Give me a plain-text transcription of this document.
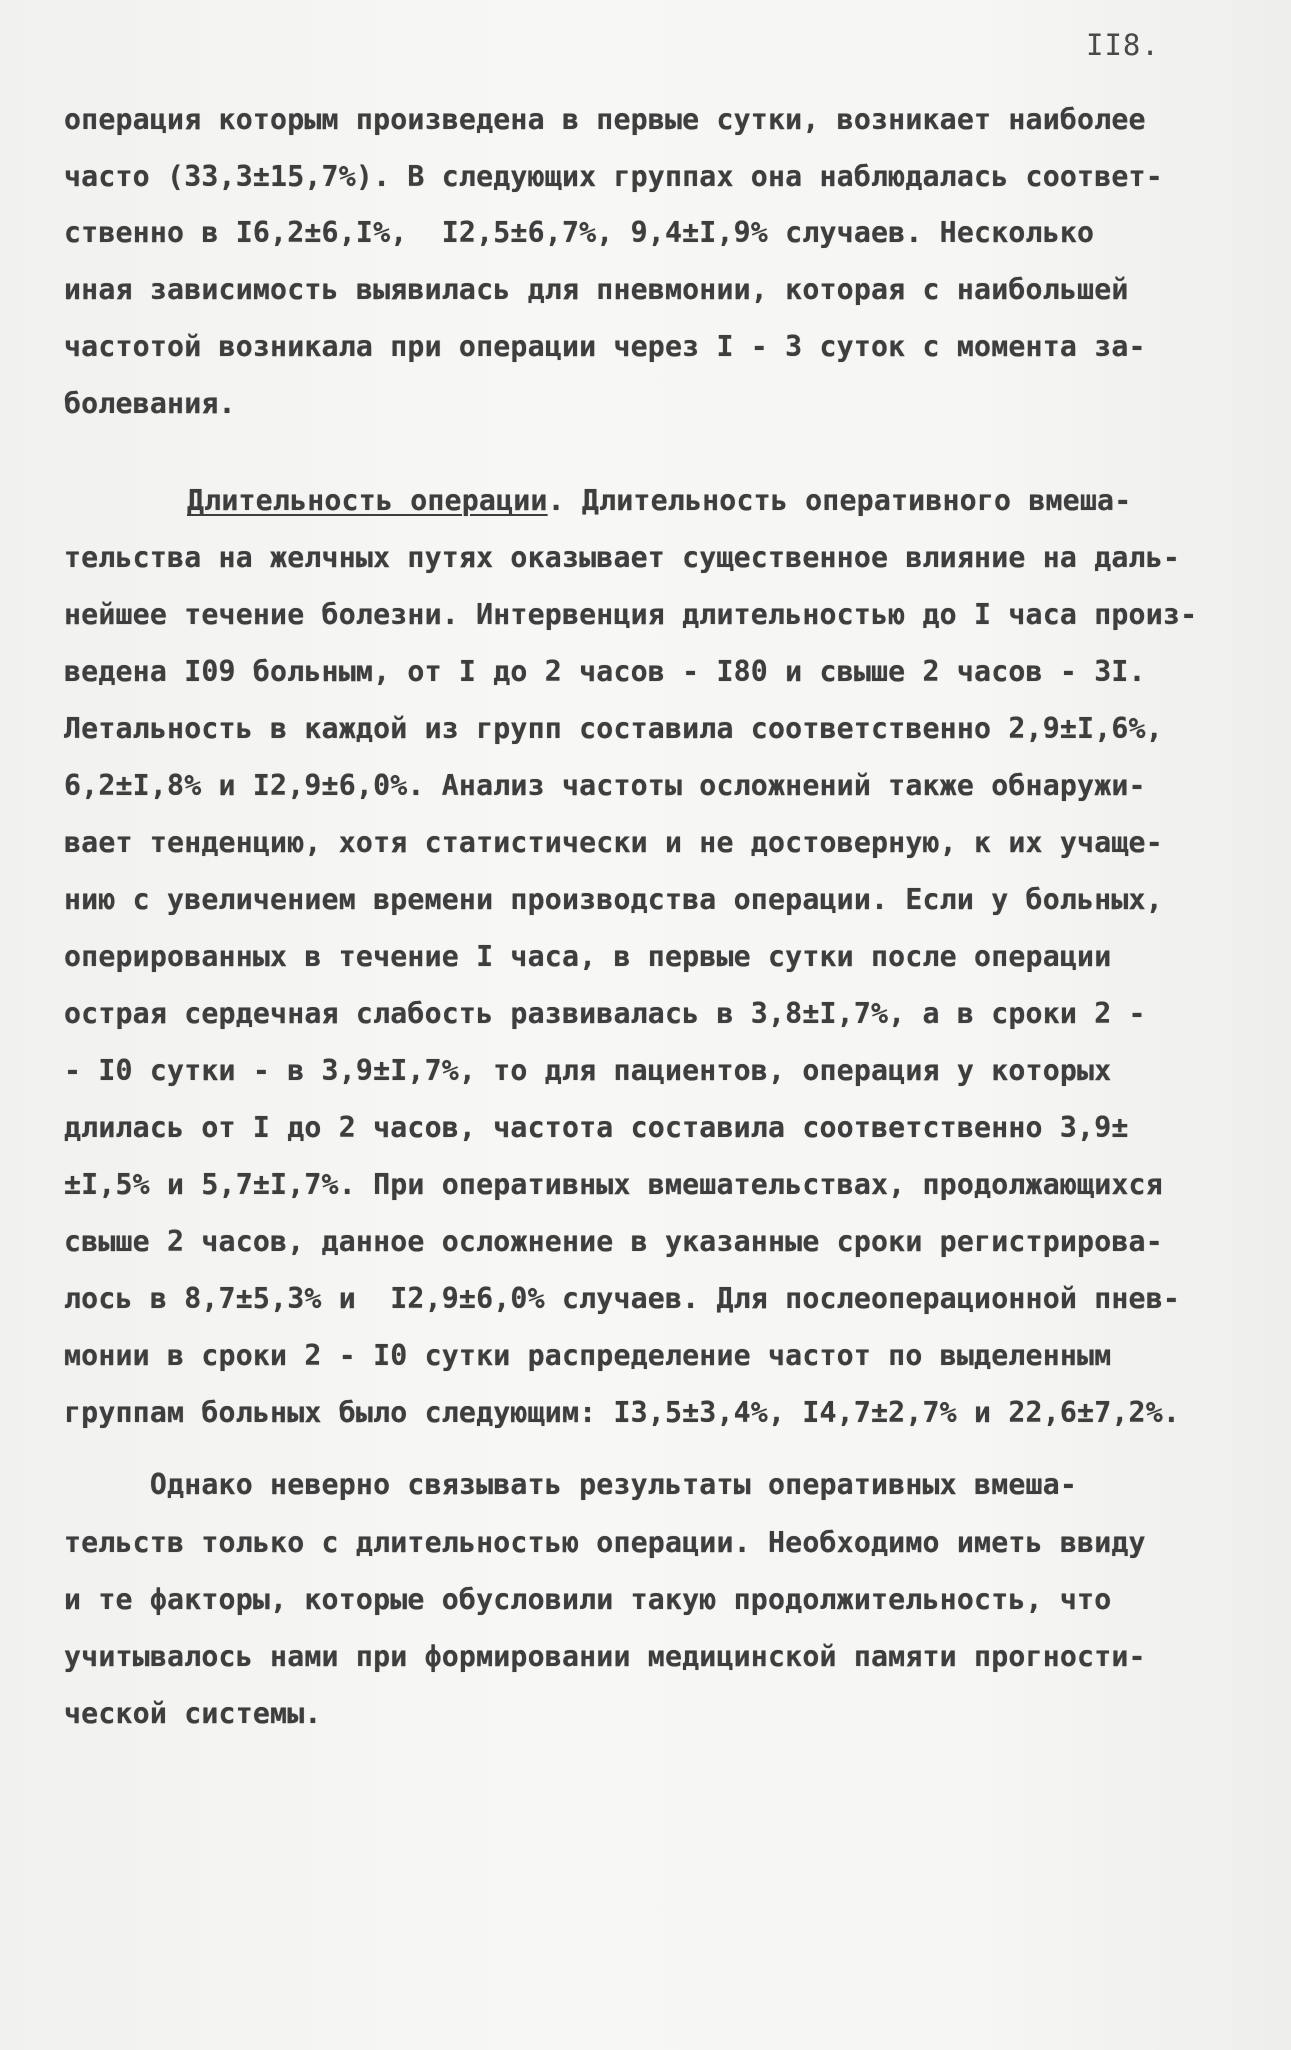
II8.
операция которым произведена в первые сутки, возникает наиболее
часто (33,3±15,7%). В следующих группах она наблюдалась соответ-
ственно в I6,2±6,I%,  I2,5±6,7%, 9,4±I,9% случаев. Несколько
иная зависимость выявилась для пневмонии, которая с наибольшей
частотой возникала при операции через I - 3 суток с момента за-
болевания.
Длительность операции. Длительность оперативного вмеша-
тельства на желчных путях оказывает существенное влияние на даль-
нейшее течение болезни. Интервенция длительностью до I часа произ-
ведена I09 больным, от I до 2 часов - I80 и свыше 2 часов - 3I.
Летальность в каждой из групп составила соответственно 2,9±I,6%,
6,2±I,8% и I2,9±6,0%. Анализ частоты осложнений также обнаружи-
вает тенденцию, хотя статистически и не достоверную, к их учаще-
нию с увеличением времени производства операции. Если у больных,
оперированных в течение I часа, в первые сутки после операции
острая сердечная слабость развивалась в 3,8±I,7%, а в сроки 2 -
- I0 сутки - в 3,9±I,7%, то для пациентов, операция у которых
длилась от I до 2 часов, частота составила соответственно 3,9±
±I,5% и 5,7±I,7%. При оперативных вмешательствах, продолжающихся
свыше 2 часов, данное осложнение в указанные сроки регистрирова-
лось в 8,7±5,3% и  I2,9±6,0% случаев. Для послеоперационной пнев-
монии в сроки 2 - I0 сутки распределение частот по выделенным
группам больных было следующим: I3,5±3,4%, I4,7±2,7% и 22,6±7,2%.
Однако неверно связывать результаты оперативных вмеша-
тельств только с длительностью операции. Необходимо иметь ввиду
и те факторы, которые обусловили такую продолжительность, что
учитывалось нами при формировании медицинской памяти прогности-
ческой системы.
